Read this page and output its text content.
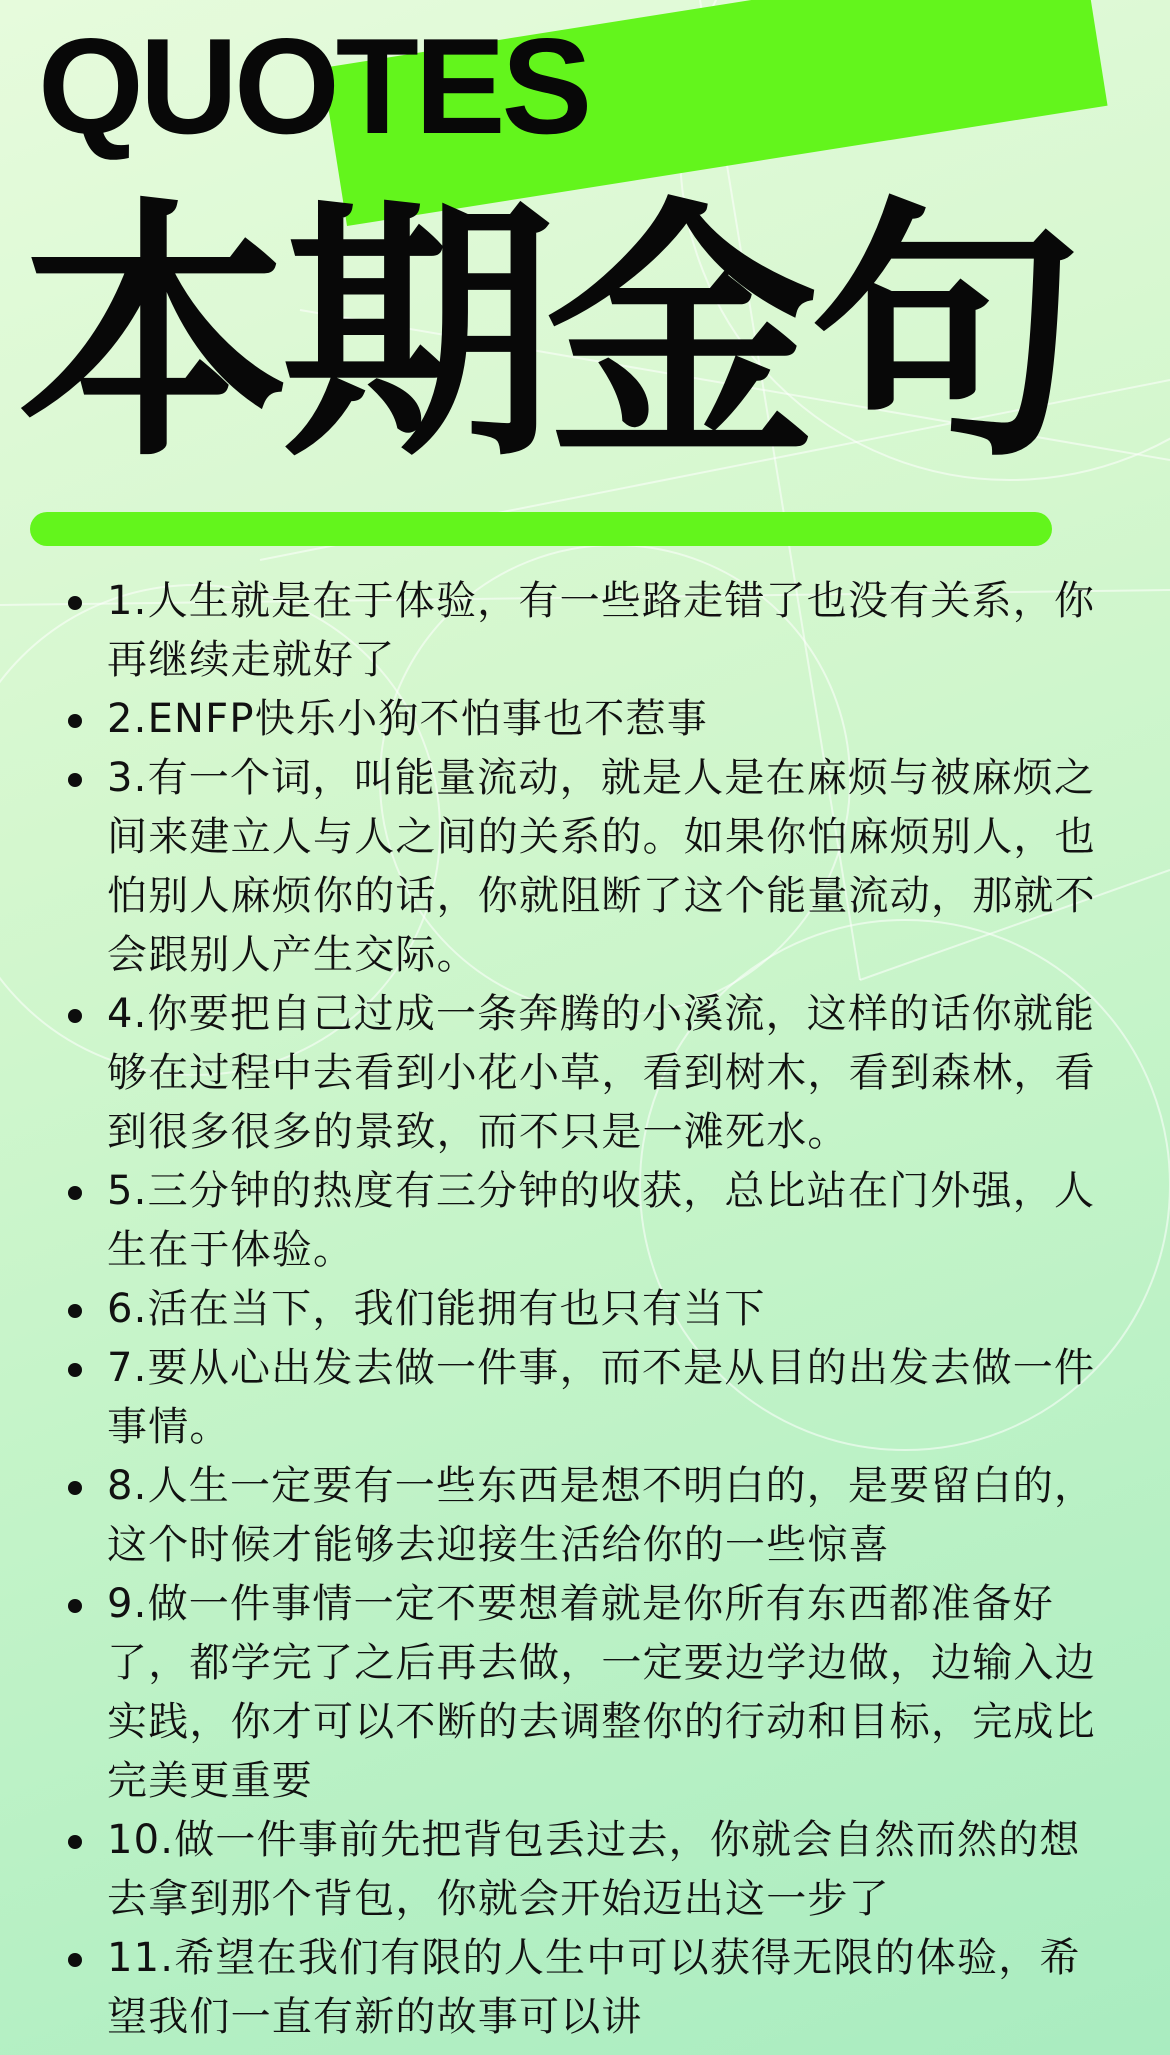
QUOTES
本期金句
1.人生就是在于体验，有一些路走错了也没有关系，你再继续走就好了
2.ENFP快乐小狗不怕事也不惹事
3.有一个词，叫能量流动，就是人是在麻烦与被麻烦之间来建立人与人之间的关系的。如果你怕麻烦别人，也怕别人麻烦你的话，你就阻断了这个能量流动，那就不会跟别人产生交际。
4.你要把自己过成一条奔腾的小溪流，这样的话你就能够在过程中去看到小花小草，看到树木，看到森林，看到很多很多的景致，而不只是一滩死水。
5.三分钟的热度有三分钟的收获，总比站在门外强，人生在于体验。
6.活在当下，我们能拥有也只有当下
7.要从心出发去做一件事，而不是从目的出发去做一件事情。
8.人生一定要有一些东西是想不明白的，是要留白的，这个时候才能够去迎接生活给你的一些惊喜
9.做一件事情一定不要想着就是你所有东西都准备好了，都学完了之后再去做，一定要边学边做，边输入边实践，你才可以不断的去调整你的行动和目标，完成比完美更重要
10.做一件事前先把背包丢过去，你就会自然而然的想去拿到那个背包，你就会开始迈出这一步了
11.希望在我们有限的人生中可以获得无限的体验，希望我们一直有新的故事可以讲
